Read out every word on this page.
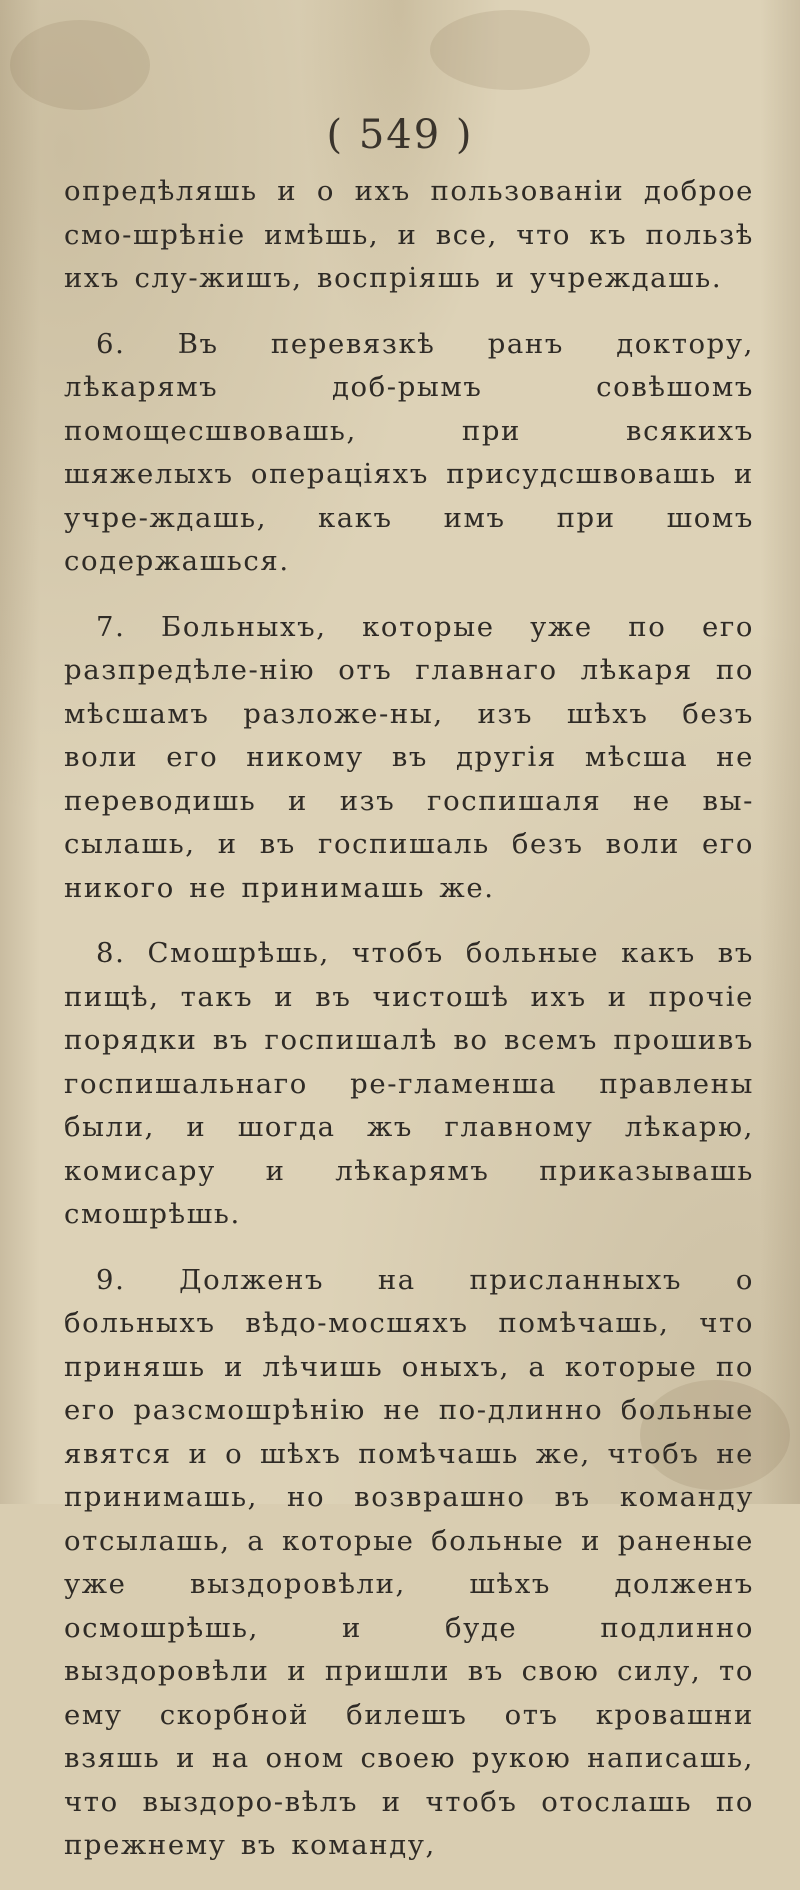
( 549 )

опредѣляшь и о ихъ пользованіи доброе смо-шрѣніе имѣшь, и все, что къ пользѣ ихъ слу-жишъ, воспріяшь и учреждашь.

6. Въ перевязкѣ ранъ доктору, лѣкарямъ доб-рымъ совѣшомъ помощесшвовашь, при всякихъ шяжелыхъ операціяхъ присудсшвовашь и учре-ждашь, какъ имъ при шомъ содержашься.

7. Больныхъ, которые уже по его разпредѣле-нію отъ главнаго лѣкаря по мѣсшамъ разложе-ны, изъ шѣхъ безъ воли его никому въ другія мѣсша не переводишь и изъ госпишаля не вы-сылашь, и въ госпишаль безъ воли его никого не принимашь же.

8. Смошрѣшь, чтобъ больные какъ въ пищѣ, такъ и въ чистошѣ ихъ и прочіе порядки въ госпишалѣ во всемъ прошивъ госпишальнаго ре-гламенша правлены были, и шогда жъ главному лѣкарю, комисару и лѣкарямъ приказывашь смошрѣшь.

9. Долженъ на присланныхъ о больныхъ вѣдо-мосшяхъ помѣчашь, что приняшь и лѣчишь оныхъ, а которые по его разсмошрѣнію не по-длинно больные явятся и о шѣхъ помѣчашь же, чтобъ не принимашь, но возврашно въ команду отсылашь, а которые больные и раненые уже выздоровѣли, шѣхъ долженъ осмошрѣшь, и буде подлинно выздоровѣли и пришли въ свою силу, то ему скорбной билешъ отъ кровашни взяшь и на оном своею рукою написашь, что выздоро-вѣлъ и чтобъ отослашь по прежнему въ команду,
